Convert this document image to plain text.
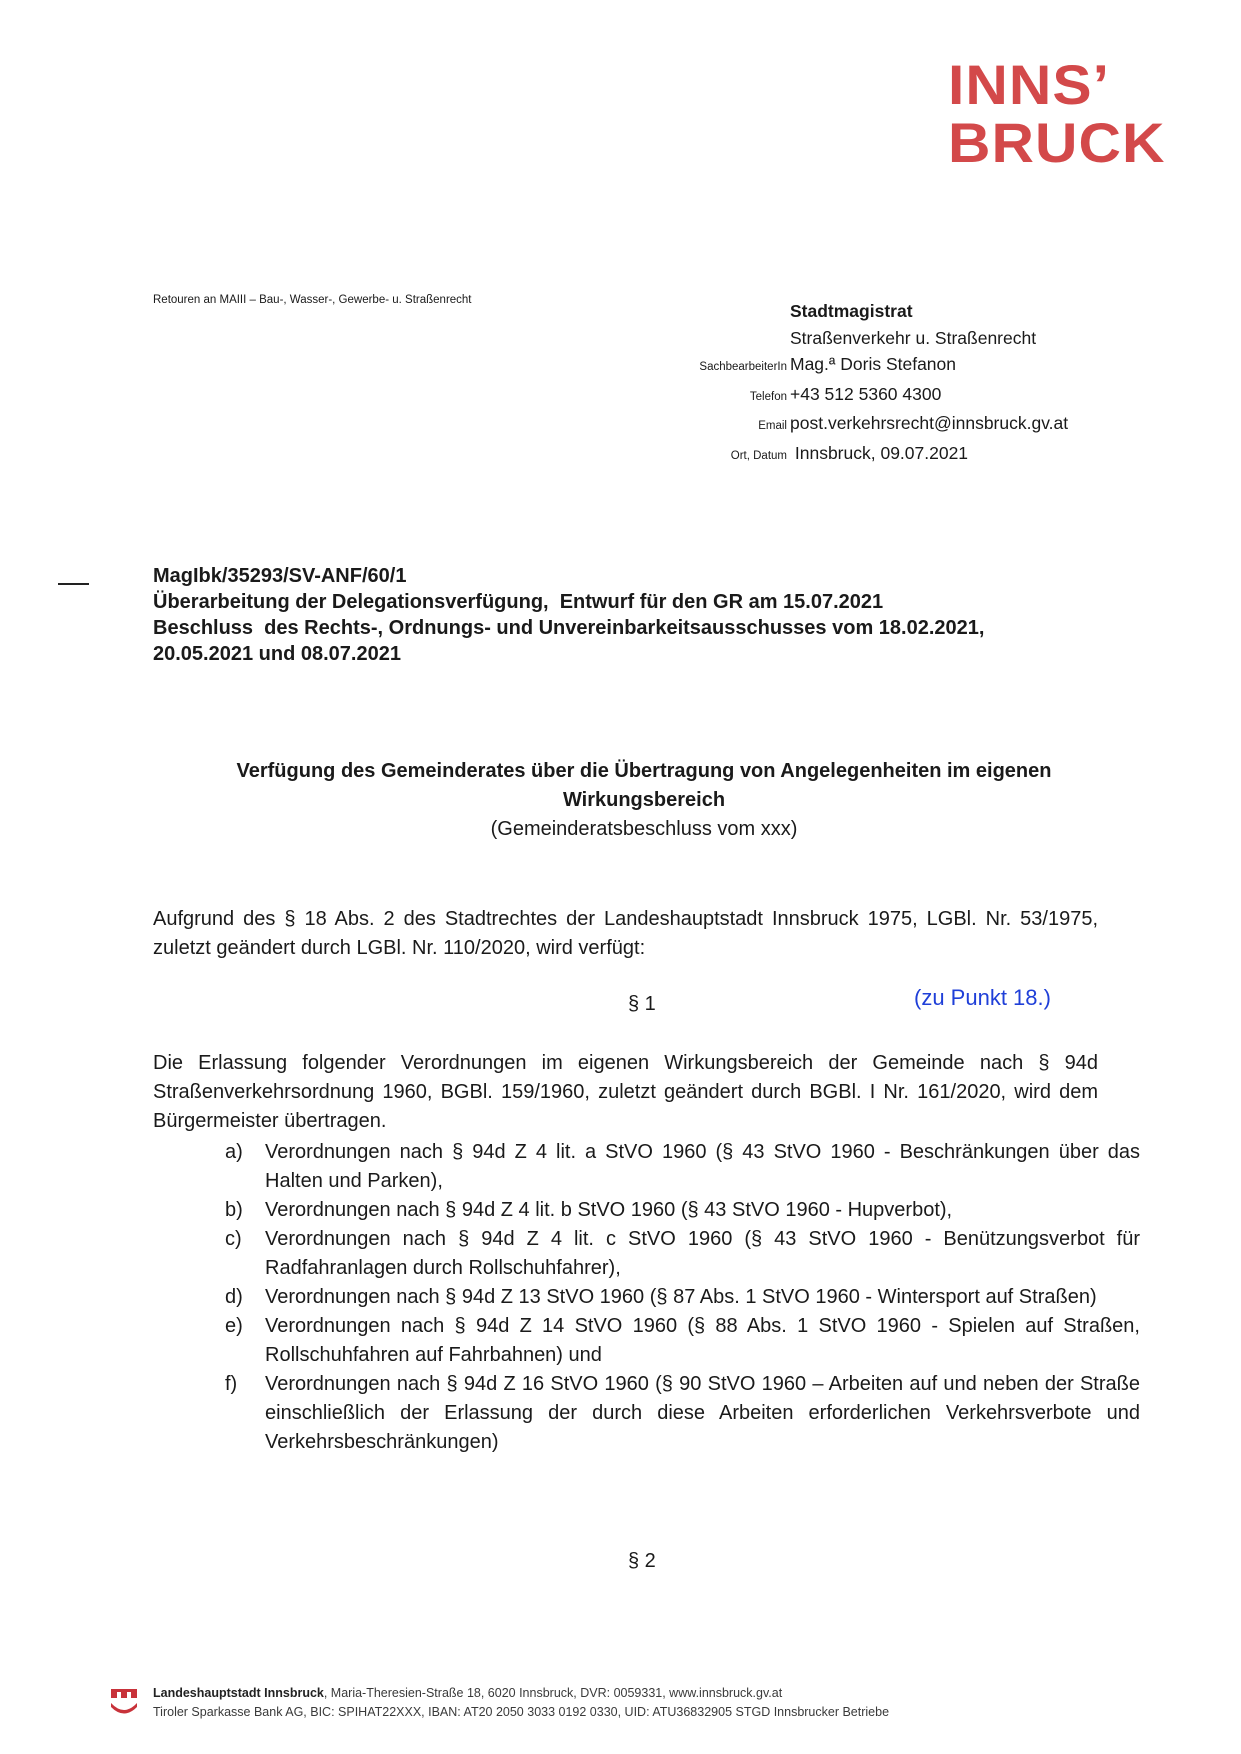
INNS’
BRUCK
Retouren an MAIII – Bau-, Wasser-, Gewerbe- u. Straßenrecht
Stadtmagistrat
Straßenverkehr u. Straßenrecht
SachbearbeiterIn Mag.ª Doris Stefanon
Telefon +43 512 5360 4300
Email post.verkehrsrecht@innsbruck.gv.at
Ort, Datum Innsbruck, 09.07.2021
MagIbk/35293/SV-ANF/60/1
Überarbeitung der Delegationsverfügung,  Entwurf für den GR am 15.07.2021
Beschluss  des Rechts-, Ordnungs- und Unvereinbarkeitsausschusses vom 18.02.2021,
20.05.2021 und 08.07.2021
Verfügung des Gemeinderates über die Übertragung von Angelegenheiten im eigenen
Wirkungsbereich
(Gemeinderatsbeschluss vom xxx)
Aufgrund des § 18 Abs. 2 des Stadtrechtes der Landeshauptstadt Innsbruck 1975, LGBl. Nr. 53/1975, zuletzt geändert durch LGBl. Nr. 110/2020, wird verfügt:
§ 1	(zu Punkt 18.)
Die Erlassung folgender Verordnungen im eigenen Wirkungsbereich der Gemeinde nach § 94d Straßenverkehrsordnung 1960, BGBl. 159/1960, zuletzt geändert durch BGBl. I Nr. 161/2020, wird dem Bürgermeister übertragen.
a)	Verordnungen nach § 94d Z 4 lit. a StVO 1960 (§ 43 StVO 1960 - Beschränkungen über das Halten und Parken),
b)	Verordnungen nach § 94d Z 4 lit. b StVO 1960 (§ 43 StVO 1960 - Hupverbot),
c)	Verordnungen nach § 94d Z 4 lit. c StVO 1960 (§ 43 StVO 1960 - Benützungsverbot für Radfahranlagen durch Rollschuhfahrer),
d)	Verordnungen nach § 94d Z 13 StVO 1960 (§ 87 Abs. 1 StVO 1960 - Wintersport auf Straßen)
e)	Verordnungen nach § 94d Z 14 StVO 1960 (§ 88 Abs. 1 StVO 1960 - Spielen auf Straßen, Rollschuhfahren auf Fahrbahnen) und
f)	Verordnungen nach § 94d Z 16 StVO 1960 (§ 90 StVO 1960 – Arbeiten auf und neben der Straße einschließlich der Erlassung der durch diese Arbeiten erforderlichen Verkehrsverbote und Verkehrsbeschränkungen)
§ 2
Landeshauptstadt Innsbruck, Maria-Theresien-Straße 18, 6020 Innsbruck, DVR: 0059331, www.innsbruck.gv.at
Tiroler Sparkasse Bank AG, BIC: SPIHAT22XXX, IBAN: AT20 2050 3033 0192 0330, UID: ATU36832905 STGD Innsbrucker Betriebe
